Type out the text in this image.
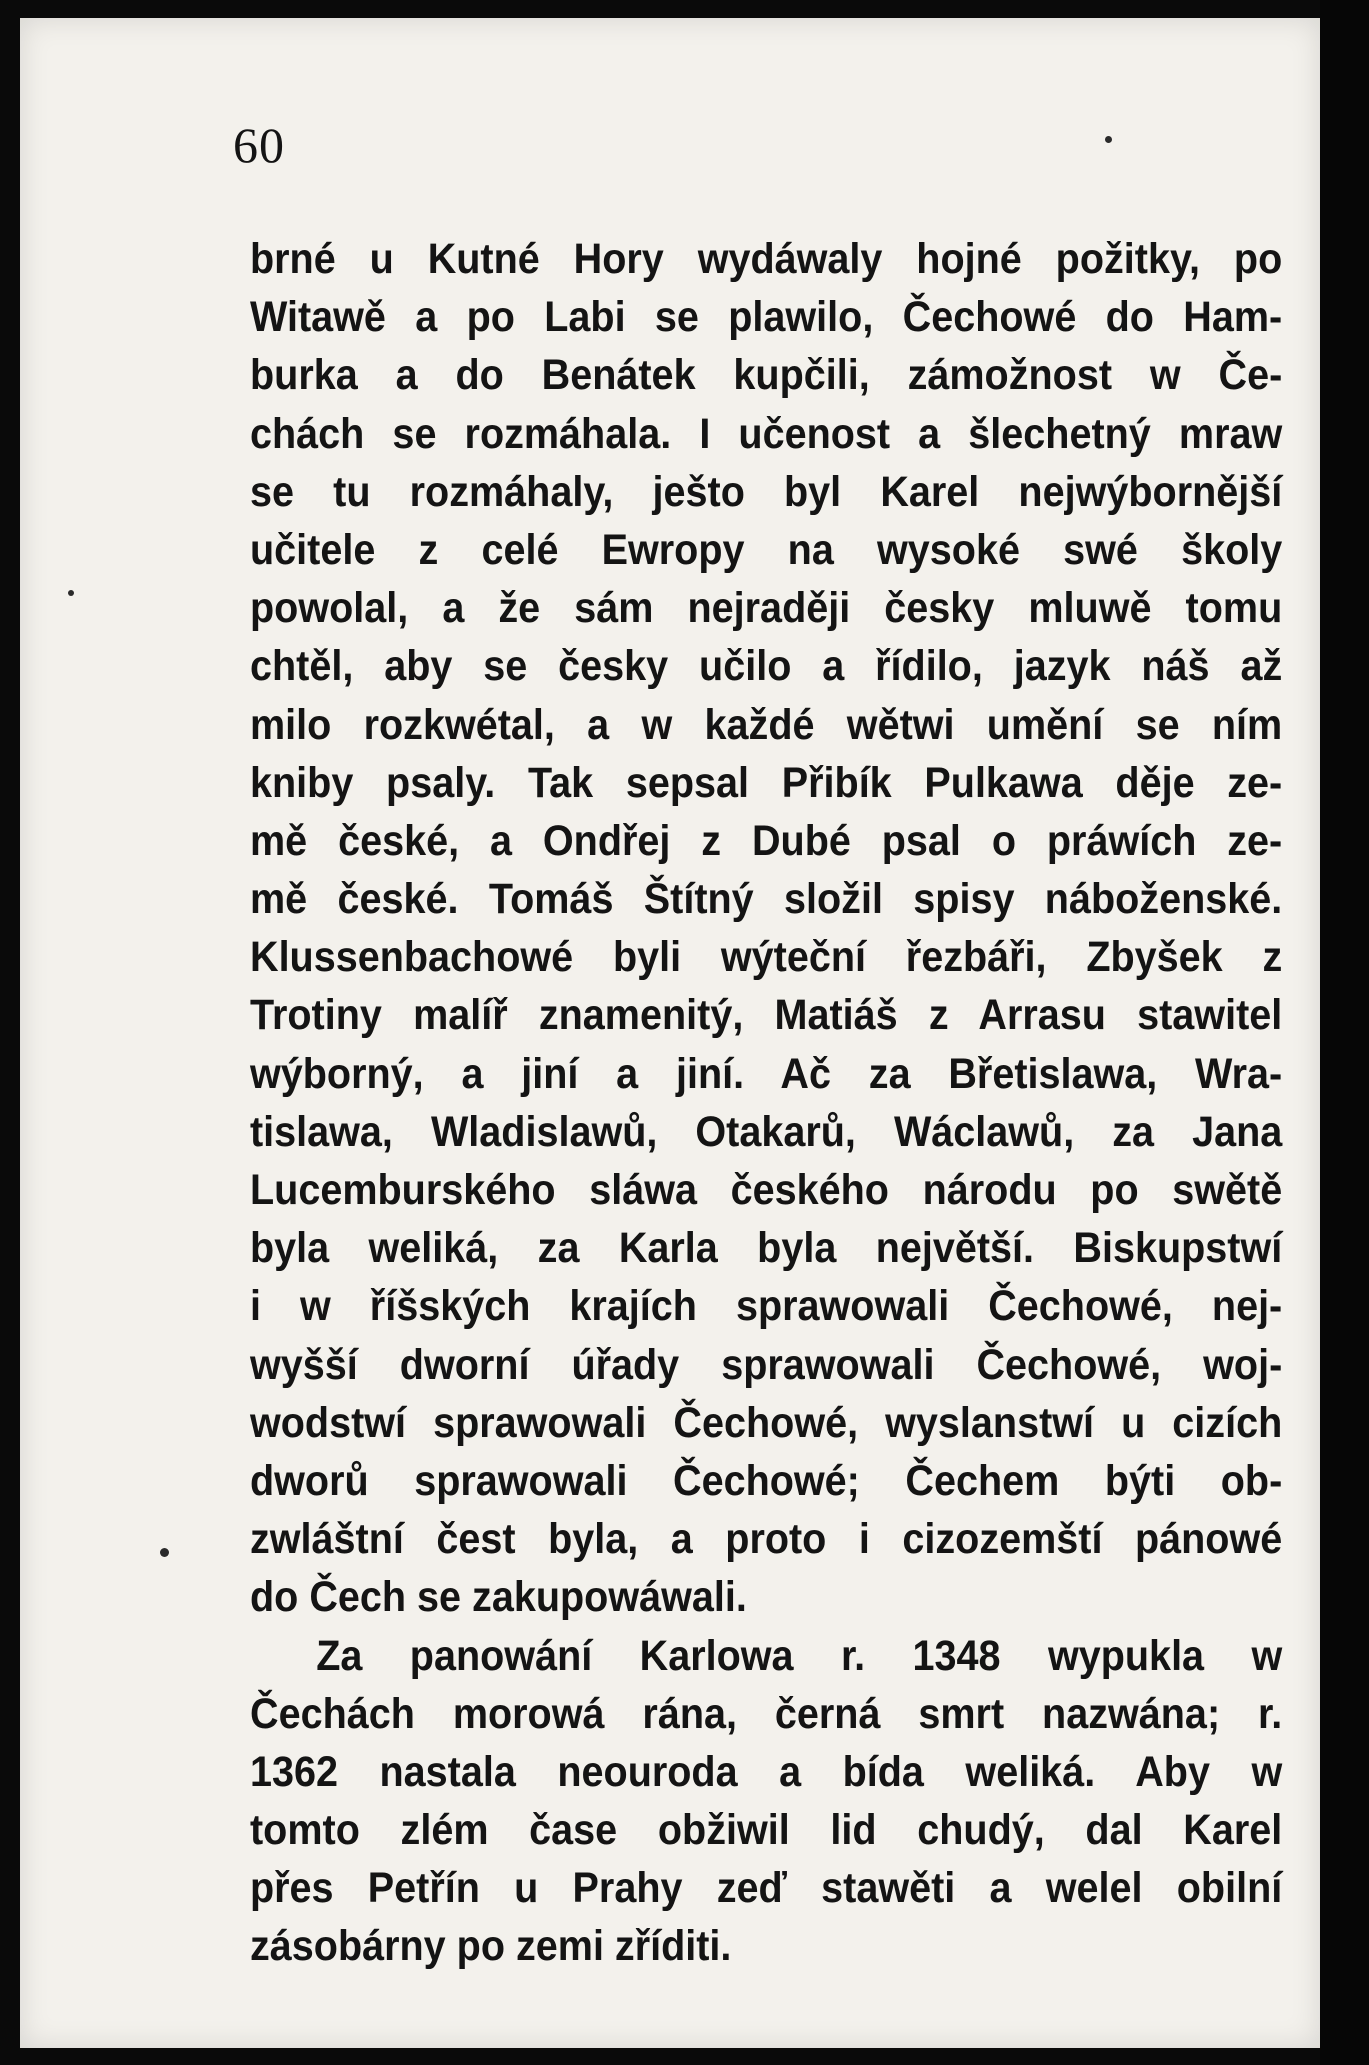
60
brné u Kutné Hory wydáwaly hojné požitky, po
Witawě a po Labi se plawilo, Čechowé do Ham-
burka a do Benátek kupčili, zámožnost w Če-
chách se rozmáhala. I učenost a šlechetný mraw
se tu rozmáhaly, ješto byl Karel nejwýbornější
učitele z celé Ewropy na wysoké swé školy
powolal, a že sám nejraději česky mluwě tomu
chtěl, aby se česky učilo a řídilo, jazyk náš až
milo rozkwétal, a w každé wětwi umění se ním
kniby psaly. Tak sepsal Přibík Pulkawa děje ze-
mě české, a Ondřej z Dubé psal o práwích ze-
mě české. Tomáš Štítný složil spisy náboženské.
Klussenbachowé byli wýteční řezbáři, Zbyšek z
Trotiny malíř znamenitý, Matiáš z Arrasu stawitel
wýborný, a jiní a jiní. Ač za Břetislawa, Wra-
tislawa, Wladislawů, Otakarů, Wáclawů, za Jana
Lucemburského sláwa českého národu po swětě
byla weliká, za Karla byla největší. Biskupstwí
i w říšských krajích sprawowali Čechowé, nej-
wyšší dworní úřady sprawowali Čechowé, woj-
wodstwí sprawowali Čechowé, wyslanstwí u cizích
dworů sprawowali Čechowé; Čechem býti ob-
zwláštní čest byla, a proto i cizozemští pánowé
do Čech se zakupowáwali.
Za panowání Karlowa r. 1348 wypukla w
Čechách morowá rána, černá smrt nazwána; r.
1362 nastala neouroda a bída weliká. Aby w
tomto zlém čase obžiwil lid chudý, dal Karel
přes Petřín u Prahy zeď stawěti a welel obilní
zásobárny po zemi zříditi.
